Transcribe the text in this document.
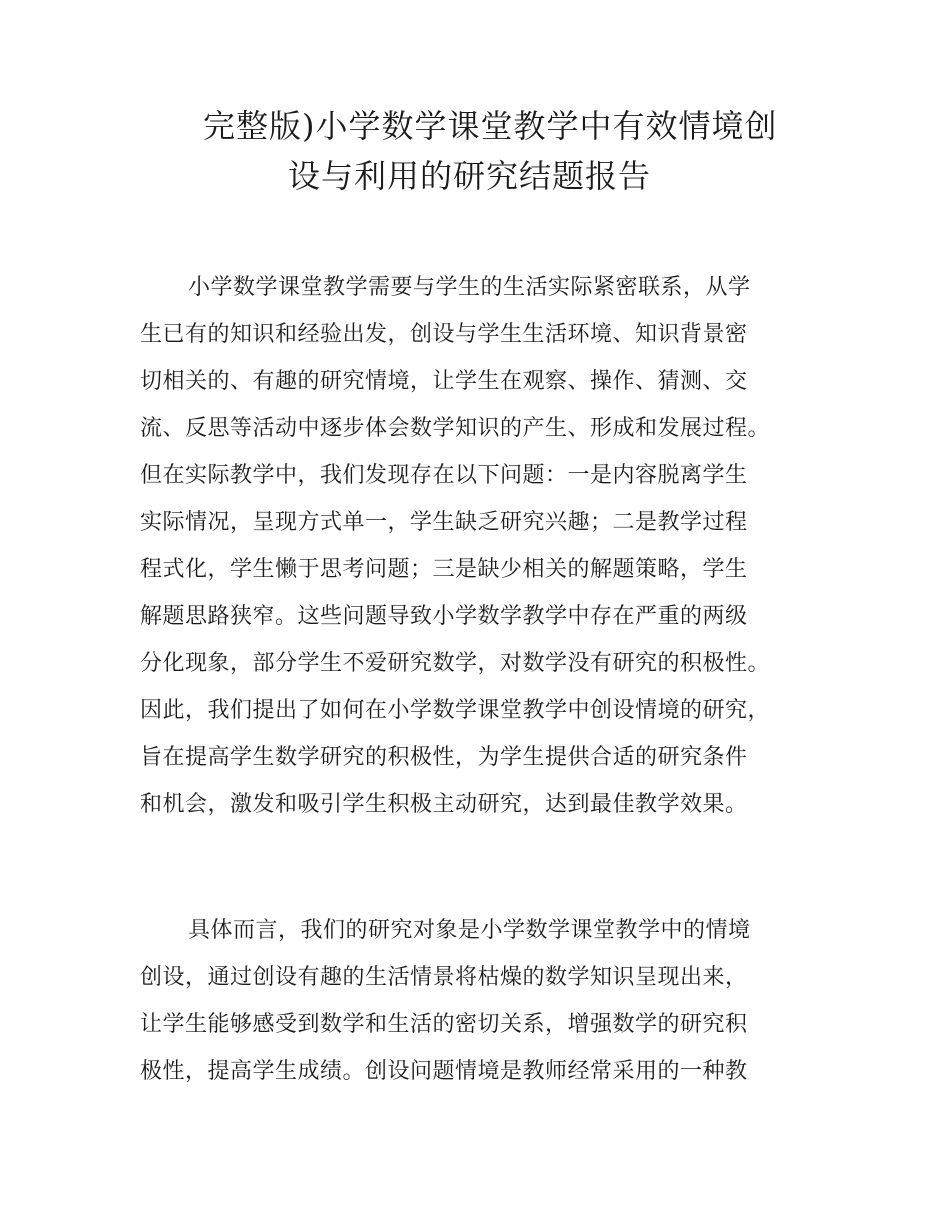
完整版)小学数学课堂教学中有效情境创
设与利用的研究结题报告
小学数学课堂教学需要与学生的生活实际紧密联系，从学
生已有的知识和经验出发，创设与学生生活环境、知识背景密
切相关的、有趣的研究情境，让学生在观察、操作、猜测、交
流、反思等活动中逐步体会数学知识的产生、形成和发展过程。
但在实际教学中，我们发现存在以下问题：一是内容脱离学生
实际情况，呈现方式单一，学生缺乏研究兴趣；二是教学过程
程式化，学生懒于思考问题；三是缺少相关的解题策略，学生
解题思路狭窄。这些问题导致小学数学教学中存在严重的两级
分化现象，部分学生不爱研究数学，对数学没有研究的积极性。
因此，我们提出了如何在小学数学课堂教学中创设情境的研究，
旨在提高学生数学研究的积极性，为学生提供合适的研究条件
和机会，激发和吸引学生积极主动研究，达到最佳教学效果。
具体而言，我们的研究对象是小学数学课堂教学中的情境
创设，通过创设有趣的生活情景将枯燥的数学知识呈现出来，
让学生能够感受到数学和生活的密切关系，增强数学的研究积
极性，提高学生成绩。创设问题情境是教师经常采用的一种教
